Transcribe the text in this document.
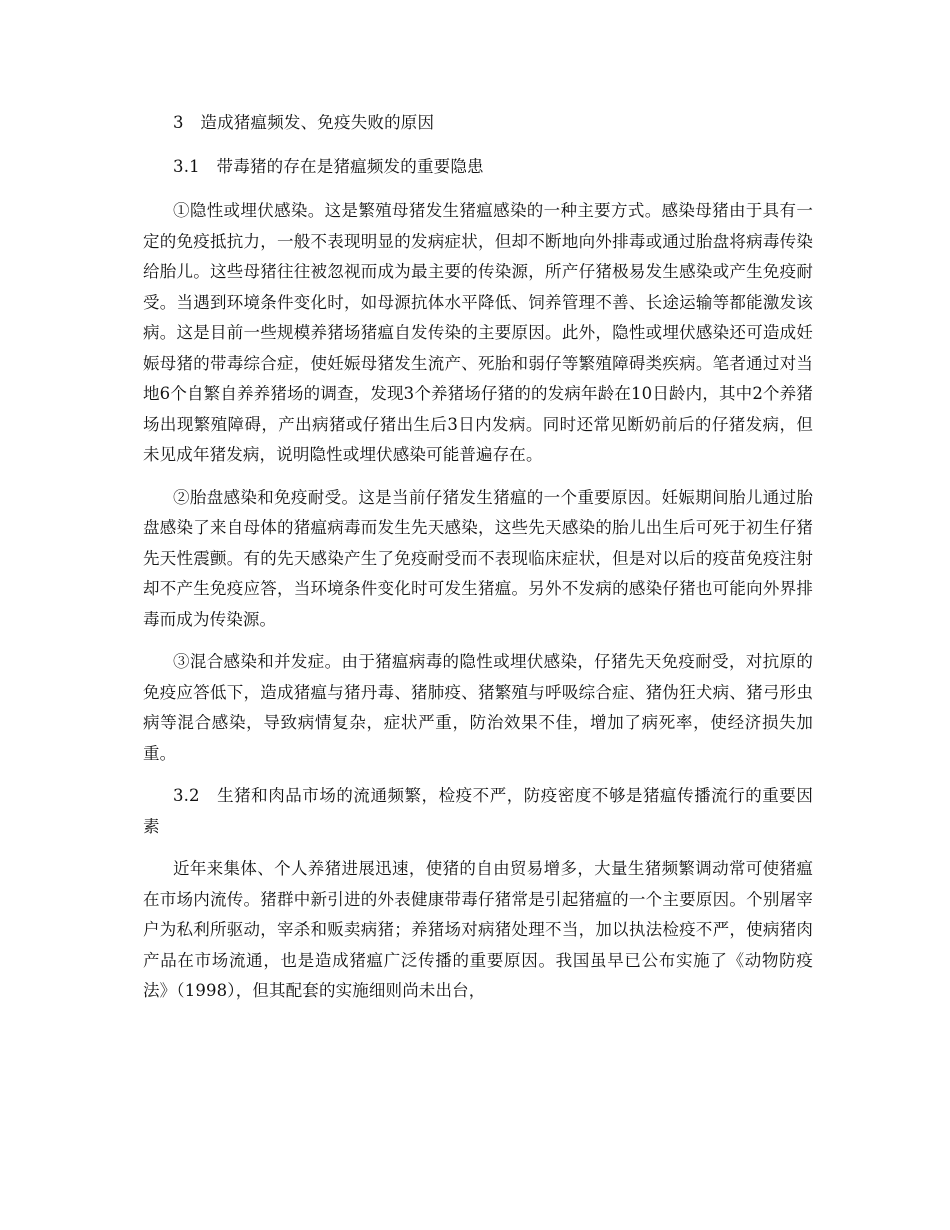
3　造成猪瘟频发、免疫失败的原因
3.1　带毒猪的存在是猪瘟频发的重要隐患

①隐性或埋伏感染。这是繁殖母猪发生猪瘟感染的一种主要方式。感染母猪由于具有一定的免疫抵抗力，一般不表现明显的发病症状，但却不断地向外排毒或通过胎盘将病毒传染给胎儿。这些母猪往往被忽视而成为最主要的传染源，所产仔猪极易发生感染或产生免疫耐受。当遇到环境条件变化时，如母源抗体水平降低、饲养管理不善、长途运输等都能激发该病。这是目前一些规模养猪场猪瘟自发传染的主要原因。此外，隐性或埋伏感染还可造成妊娠母猪的带毒综合症，使妊娠母猪发生流产、死胎和弱仔等繁殖障碍类疾病。笔者通过对当地6个自繁自养养猪场的调查，发现3个养猪场仔猪的的发病年龄在10日龄内，其中2个养猪场出现繁殖障碍，产出病猪或仔猪出生后3日内发病。同时还常见断奶前后的仔猪发病，但未见成年猪发病，说明隐性或埋伏感染可能普遍存在。

②胎盘感染和免疫耐受。这是当前仔猪发生猪瘟的一个重要原因。妊娠期间胎儿通过胎盘感染了来自母体的猪瘟病毒而发生先天感染，这些先天感染的胎儿出生后可死于初生仔猪先天性震颤。有的先天感染产生了免疫耐受而不表现临床症状，但是对以后的疫苗免疫注射却不产生免疫应答，当环境条件变化时可发生猪瘟。另外不发病的感染仔猪也可能向外界排毒而成为传染源。

③混合感染和并发症。由于猪瘟病毒的隐性或埋伏感染，仔猪先天免疫耐受，对抗原的免疫应答低下，造成猪瘟与猪丹毒、猪肺疫、猪繁殖与呼吸综合症、猪伪狂犬病、猪弓形虫病等混合感染，导致病情复杂，症状严重，防治效果不佳，增加了病死率，使经济损失加重。

3.2　生猪和肉品市场的流通频繁，检疫不严，防疫密度不够是猪瘟传播流行的重要因素

近年来集体、个人养猪进展迅速，使猪的自由贸易增多，大量生猪频繁调动常可使猪瘟在市场内流传。猪群中新引进的外表健康带毒仔猪常是引起猪瘟的一个主要原因。个别屠宰户为私利所驱动，宰杀和贩卖病猪；养猪场对病猪处理不当，加以执法检疫不严，使病猪肉产品在市场流通，也是造成猪瘟广泛传播的重要原因。我国虽早已公布实施了《动物防疫法》（1998），但其配套的实施细则尚未出台，
